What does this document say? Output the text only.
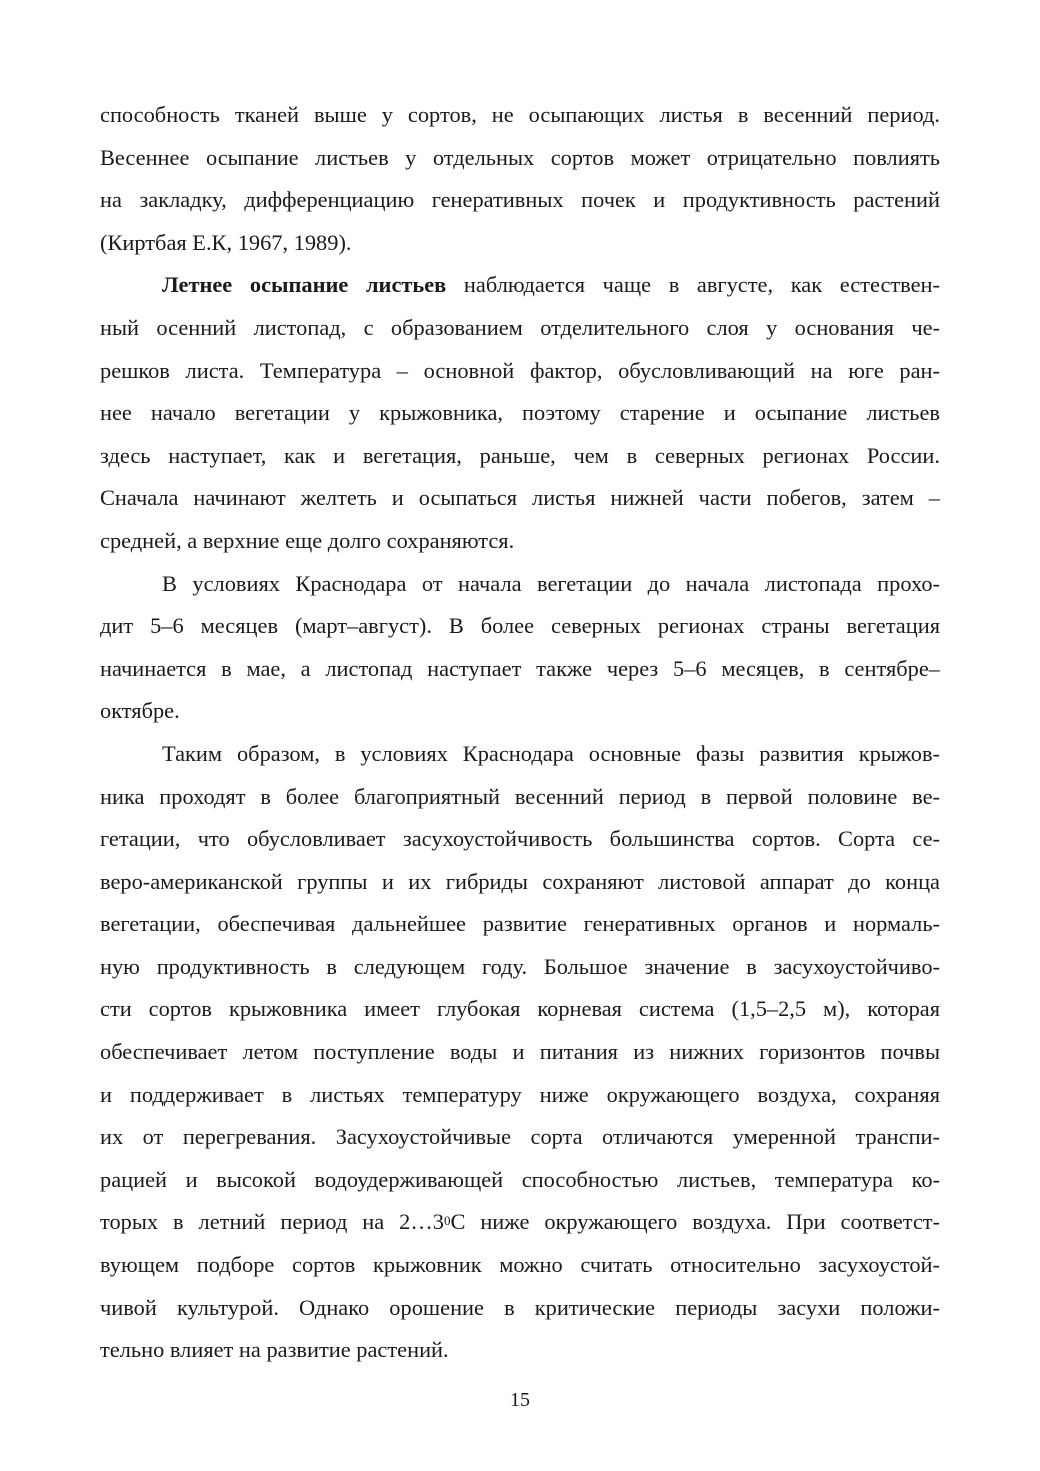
способность тканей выше у сортов, не осыпающих листья в весенний период.
Весеннее осыпание листьев у отдельных сортов может отрицательно повлиять
на закладку, дифференциацию генеративных почек и продуктивность растений
(Киртбая Е.К, 1967, 1989).
Летнее осыпание листьев наблюдается чаще в августе, как естествен-
ный осенний листопад, с образованием отделительного слоя у основания че-
решков листа. Температура – основной фактор, обусловливающий на юге ран-
нее начало вегетации у крыжовника, поэтому старение и осыпание листьев
здесь наступает, как и вегетация, раньше, чем в северных регионах России.
Сначала начинают желтеть и осыпаться листья нижней части побегов, затем –
средней, а верхние еще долго сохраняются.
В условиях Краснодара от начала вегетации до начала листопада прохо-
дит 5–6 месяцев (март–август). В более северных регионах страны вегетация
начинается в мае, а листопад наступает также через 5–6 месяцев, в сентябре–
октябре.
Таким образом, в условиях Краснодара основные фазы развития крыжов-
ника проходят в более благоприятный весенний период в первой половине ве-
гетации, что обусловливает засухоустойчивость большинства сортов. Сорта се-
веро-американской группы и их гибриды сохраняют листовой аппарат до конца
вегетации, обеспечивая дальнейшее развитие генеративных органов и нормаль-
ную продуктивность в следующем году. Большое значение в засухоустойчиво-
сти сортов крыжовника имеет глубокая корневая система (1,5–2,5 м), которая
обеспечивает летом поступление воды и питания из нижних горизонтов почвы
и поддерживает в листьях температуру ниже окружающего воздуха, сохраняя
их от перегревания. Засухоустойчивые сорта отличаются умеренной транспи-
рацией и высокой водоудерживающей способностью листьев, температура ко-
торых в летний период на $2\dots 3^0С$ ниже окружающего воздуха. При соответст-
вующем подборе сортов крыжовник можно считать относительно засухоустой-
чивой культурой. Однако орошение в критические периоды засухи положи-
тельно влияет на развитие растений.
15
